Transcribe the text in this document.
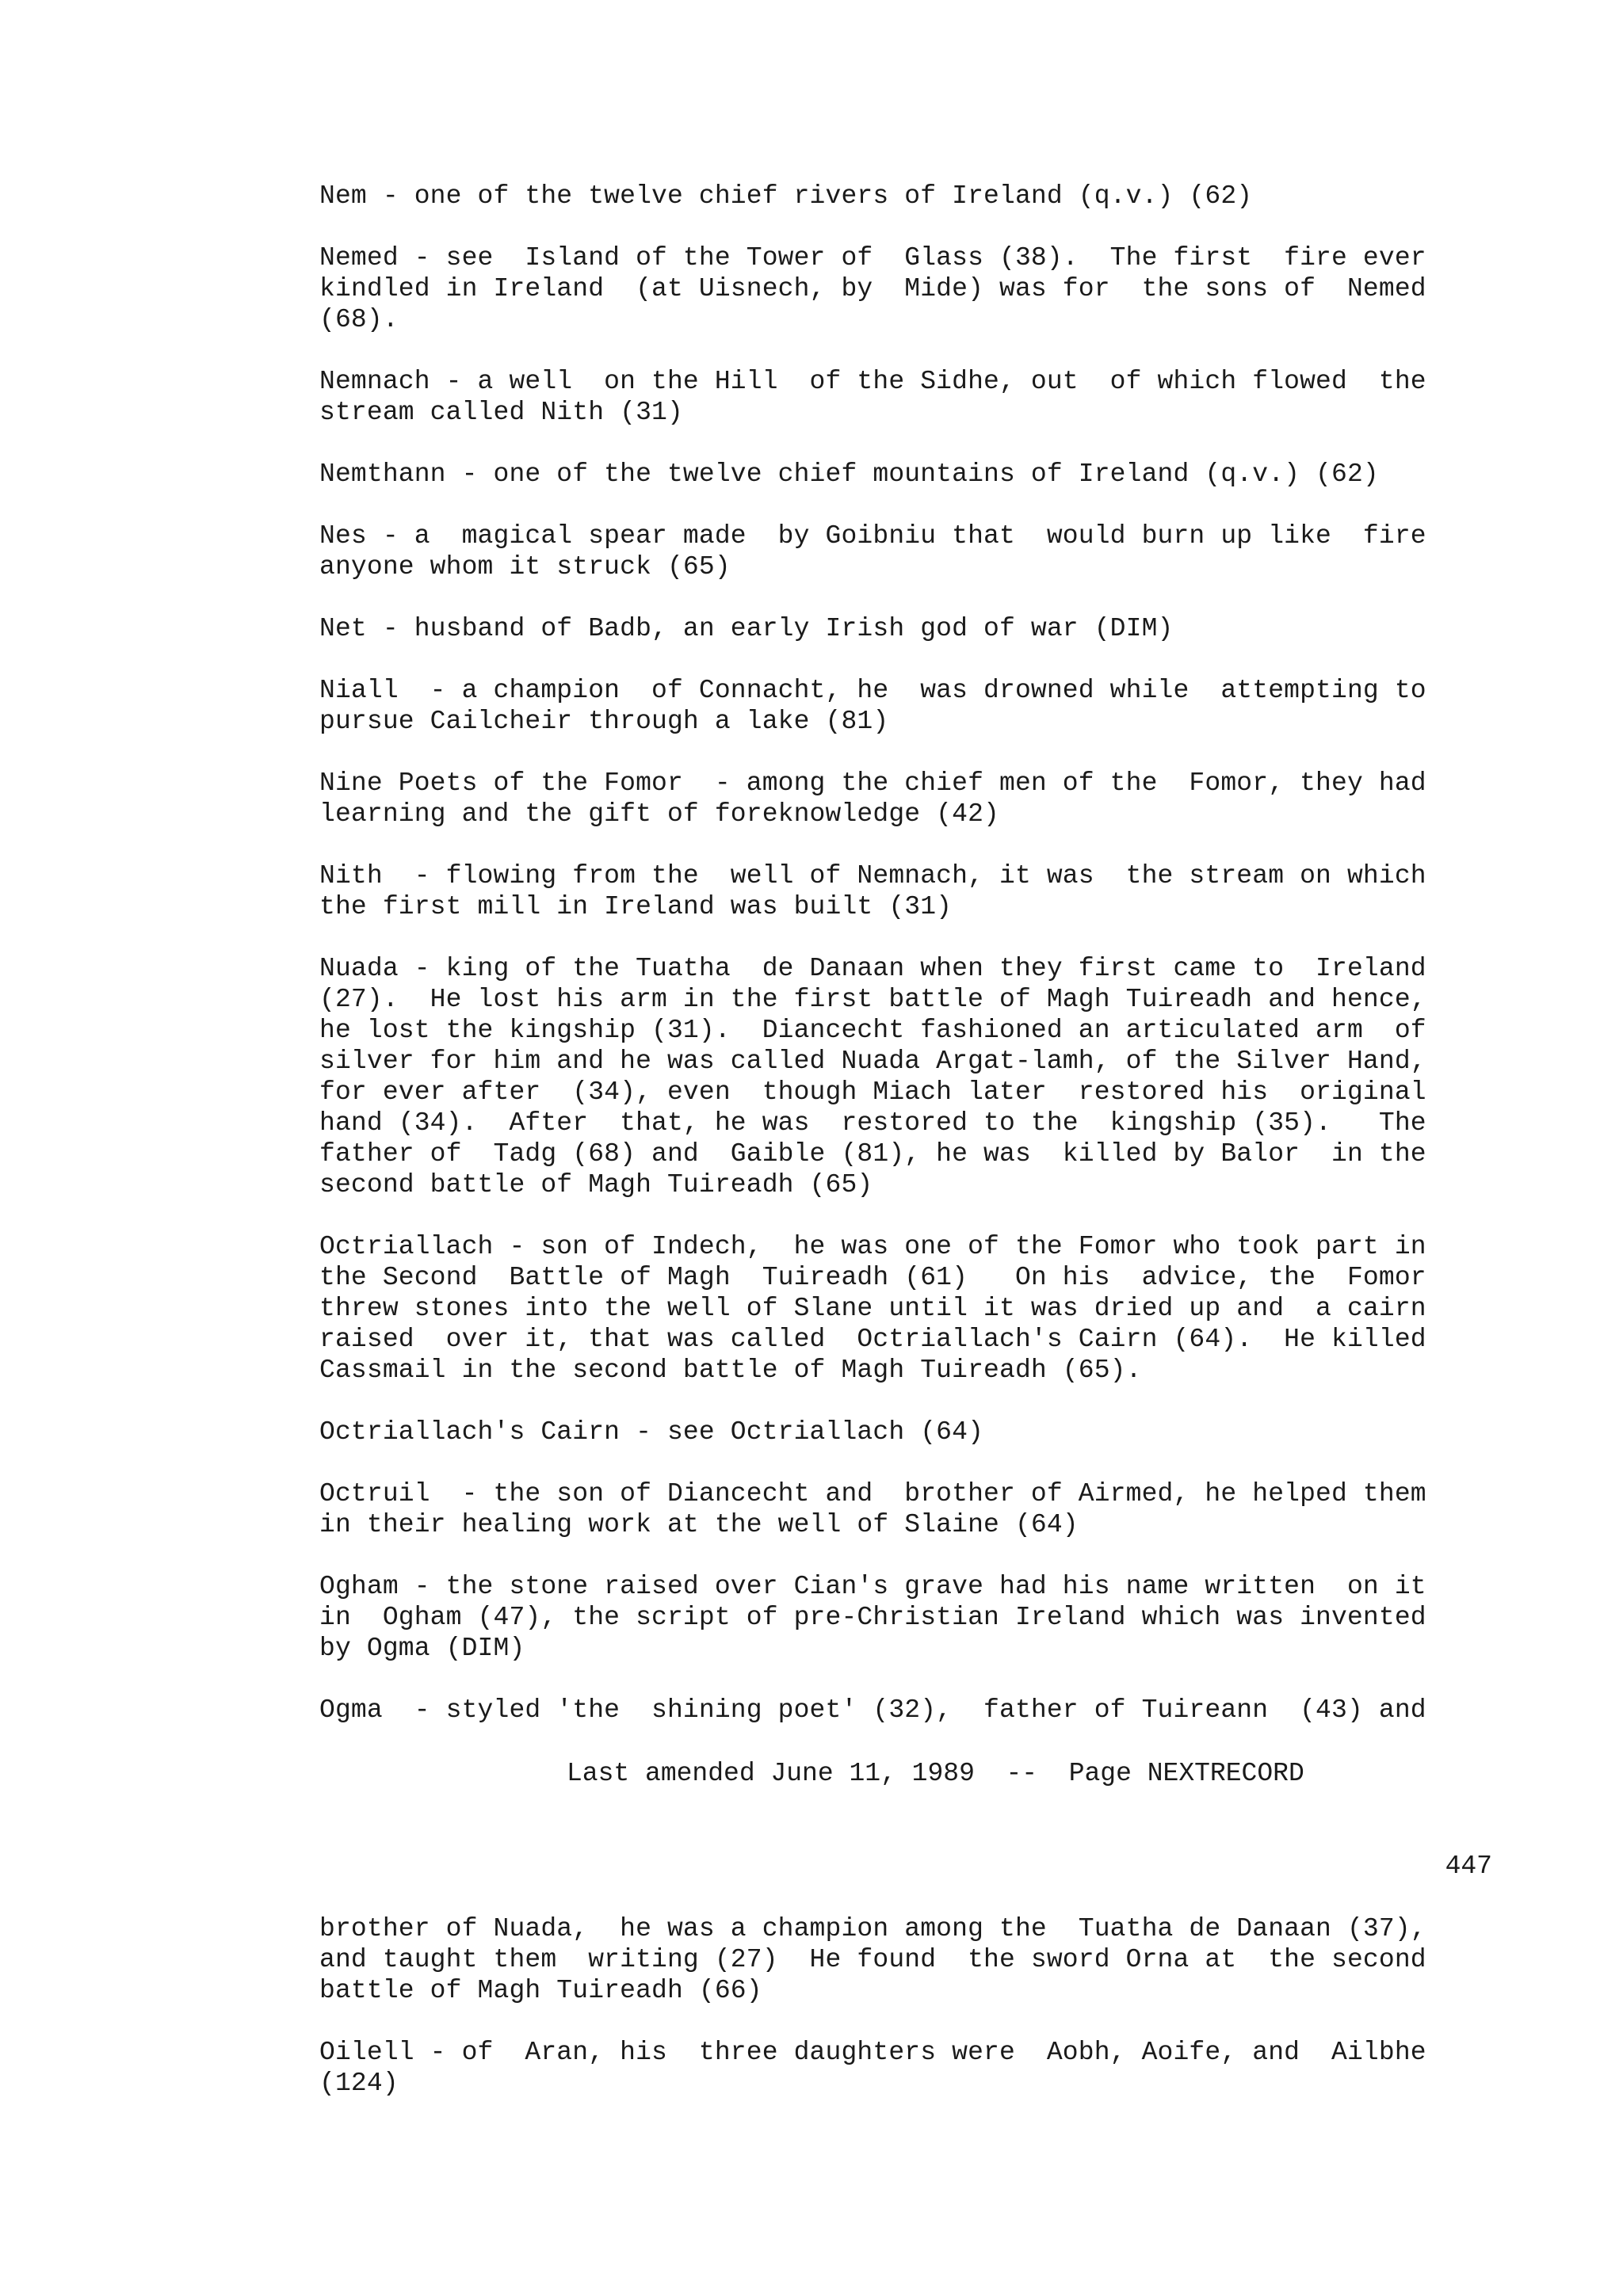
Nem - one of the twelve chief rivers of Ireland (q.v.) (62)
Nemed - see  Island of the Tower of  Glass (38).  The first  fire ever
kindled in Ireland  (at Uisnech, by  Mide) was for  the sons of  Nemed
(68).
Nemnach - a well  on the Hill  of the Sidhe, out  of which flowed  the
stream called Nith (31)
Nemthann - one of the twelve chief mountains of Ireland (q.v.) (62)
Nes - a  magical spear made  by Goibniu that  would burn up like  fire
anyone whom it struck (65)
Net - husband of Badb, an early Irish god of war (DIM)
Niall  - a champion  of Connacht, he  was drowned while  attempting to
pursue Cailcheir through a lake (81)
Nine Poets of the Fomor  - among the chief men of the  Fomor, they had
learning and the gift of foreknowledge (42)
Nith  - flowing from the  well of Nemnach, it was  the stream on which
the first mill in Ireland was built (31)
Nuada - king of the Tuatha  de Danaan when they first came to  Ireland
(27).  He lost his arm in the first battle of Magh Tuireadh and hence,
he lost the kingship (31).  Diancecht fashioned an articulated arm  of
silver for him and he was called Nuada Argat-lamh, of the Silver Hand,
for ever after  (34), even  though Miach later  restored his  original
hand (34).  After  that, he was  restored to the  kingship (35).   The
father of  Tadg (68) and  Gaible (81), he was  killed by Balor  in the
second battle of Magh Tuireadh (65)
Octriallach - son of Indech,  he was one of the Fomor who took part in
the Second  Battle of Magh  Tuireadh (61)   On his  advice, the  Fomor
threw stones into the well of Slane until it was dried up and  a cairn
raised  over it, that was called  Octriallach's Cairn (64).  He killed
Cassmail in the second battle of Magh Tuireadh (65).
Octriallach's Cairn - see Octriallach (64)
Octruil  - the son of Diancecht and  brother of Airmed, he helped them
in their healing work at the well of Slaine (64)
Ogham - the stone raised over Cian's grave had his name written  on it
in  Ogham (47), the script of pre-Christian Ireland which was invented
by Ogma (DIM)
Ogma  - styled 'the  shining poet' (32),  father of Tuireann  (43) and
Last amended June 11, 1989  --  Page NEXTRECORD
447
brother of Nuada,  he was a champion among the  Tuatha de Danaan (37),
and taught them  writing (27)  He found  the sword Orna at  the second
battle of Magh Tuireadh (66)
Oilell - of  Aran, his  three daughters were  Aobh, Aoife, and  Ailbhe
(124)
